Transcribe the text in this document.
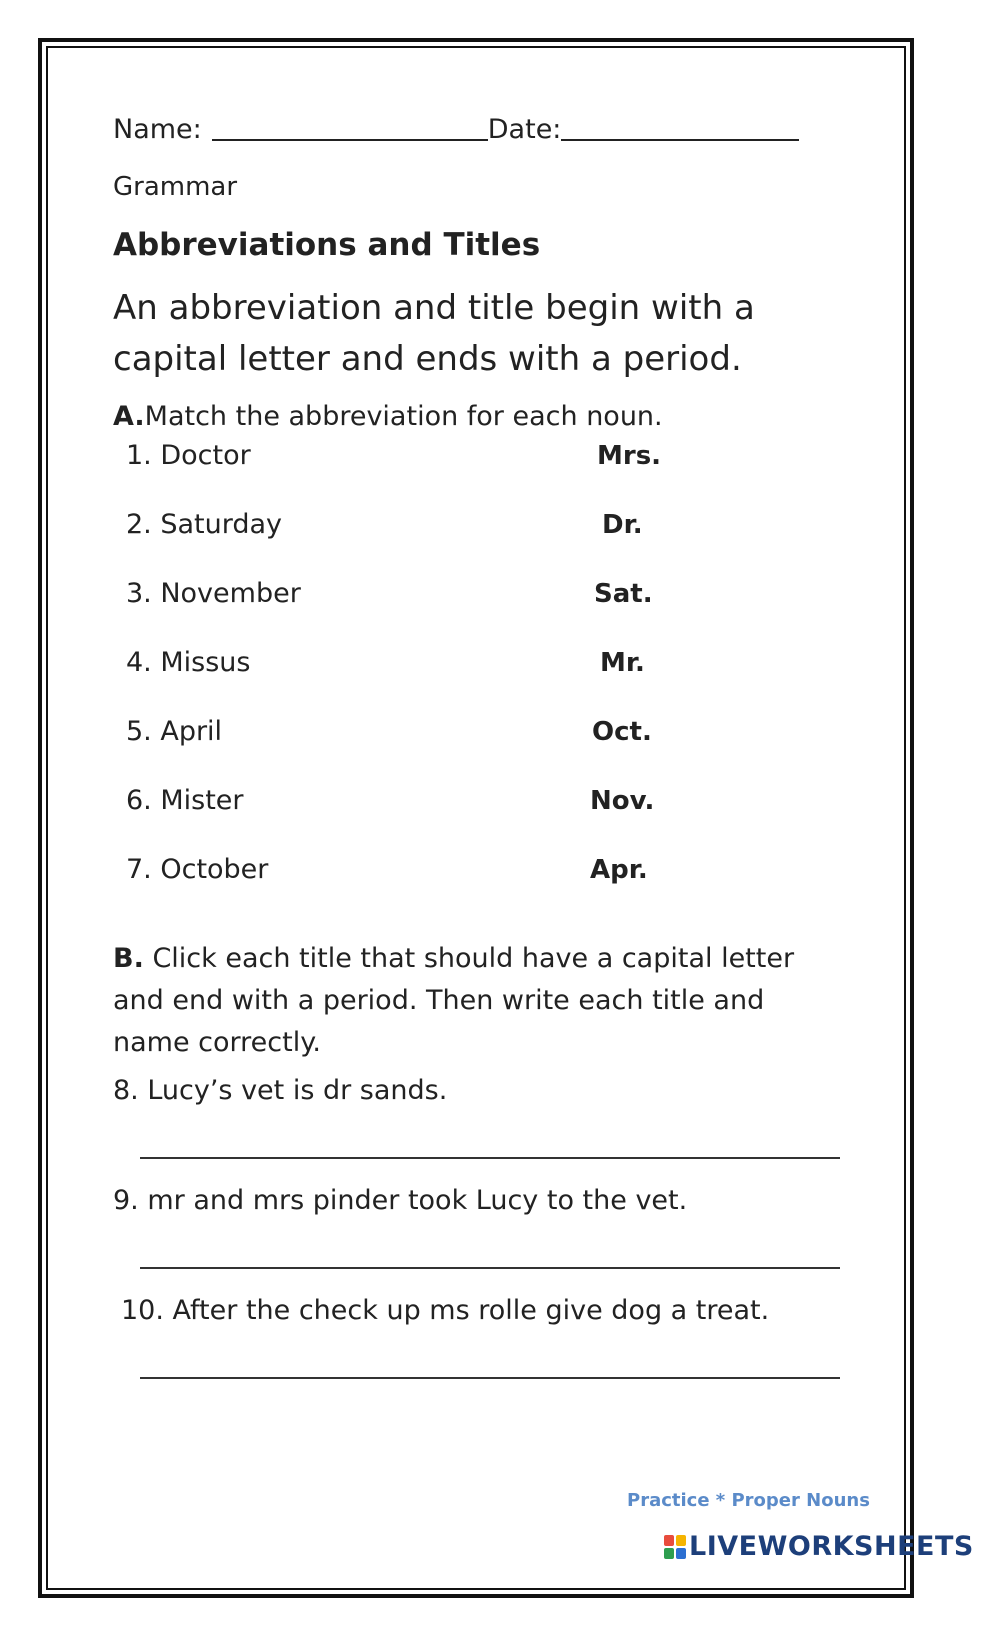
Name:	Date:
Grammar
Abbreviations and Titles
An abbreviation and title begin with a capital letter and ends with a period.
A.Match the abbreviation for each noun.
1. Doctor
2. Saturday
3. November
4. Missus
5. April
6. Mister
7. October
Mrs.
Dr.
Sat.
Mr.
Oct.
Nov.
Apr.
B. Click each title that should have a capital letter and end with a period. Then write each title and name correctly.
8. Lucy’s vet is dr sands.
9. mr and mrs pinder took Lucy to the vet.
10. After the check up ms rolle give dog a treat.
Practice * Proper Nouns
LIVEWORKSHEETS
